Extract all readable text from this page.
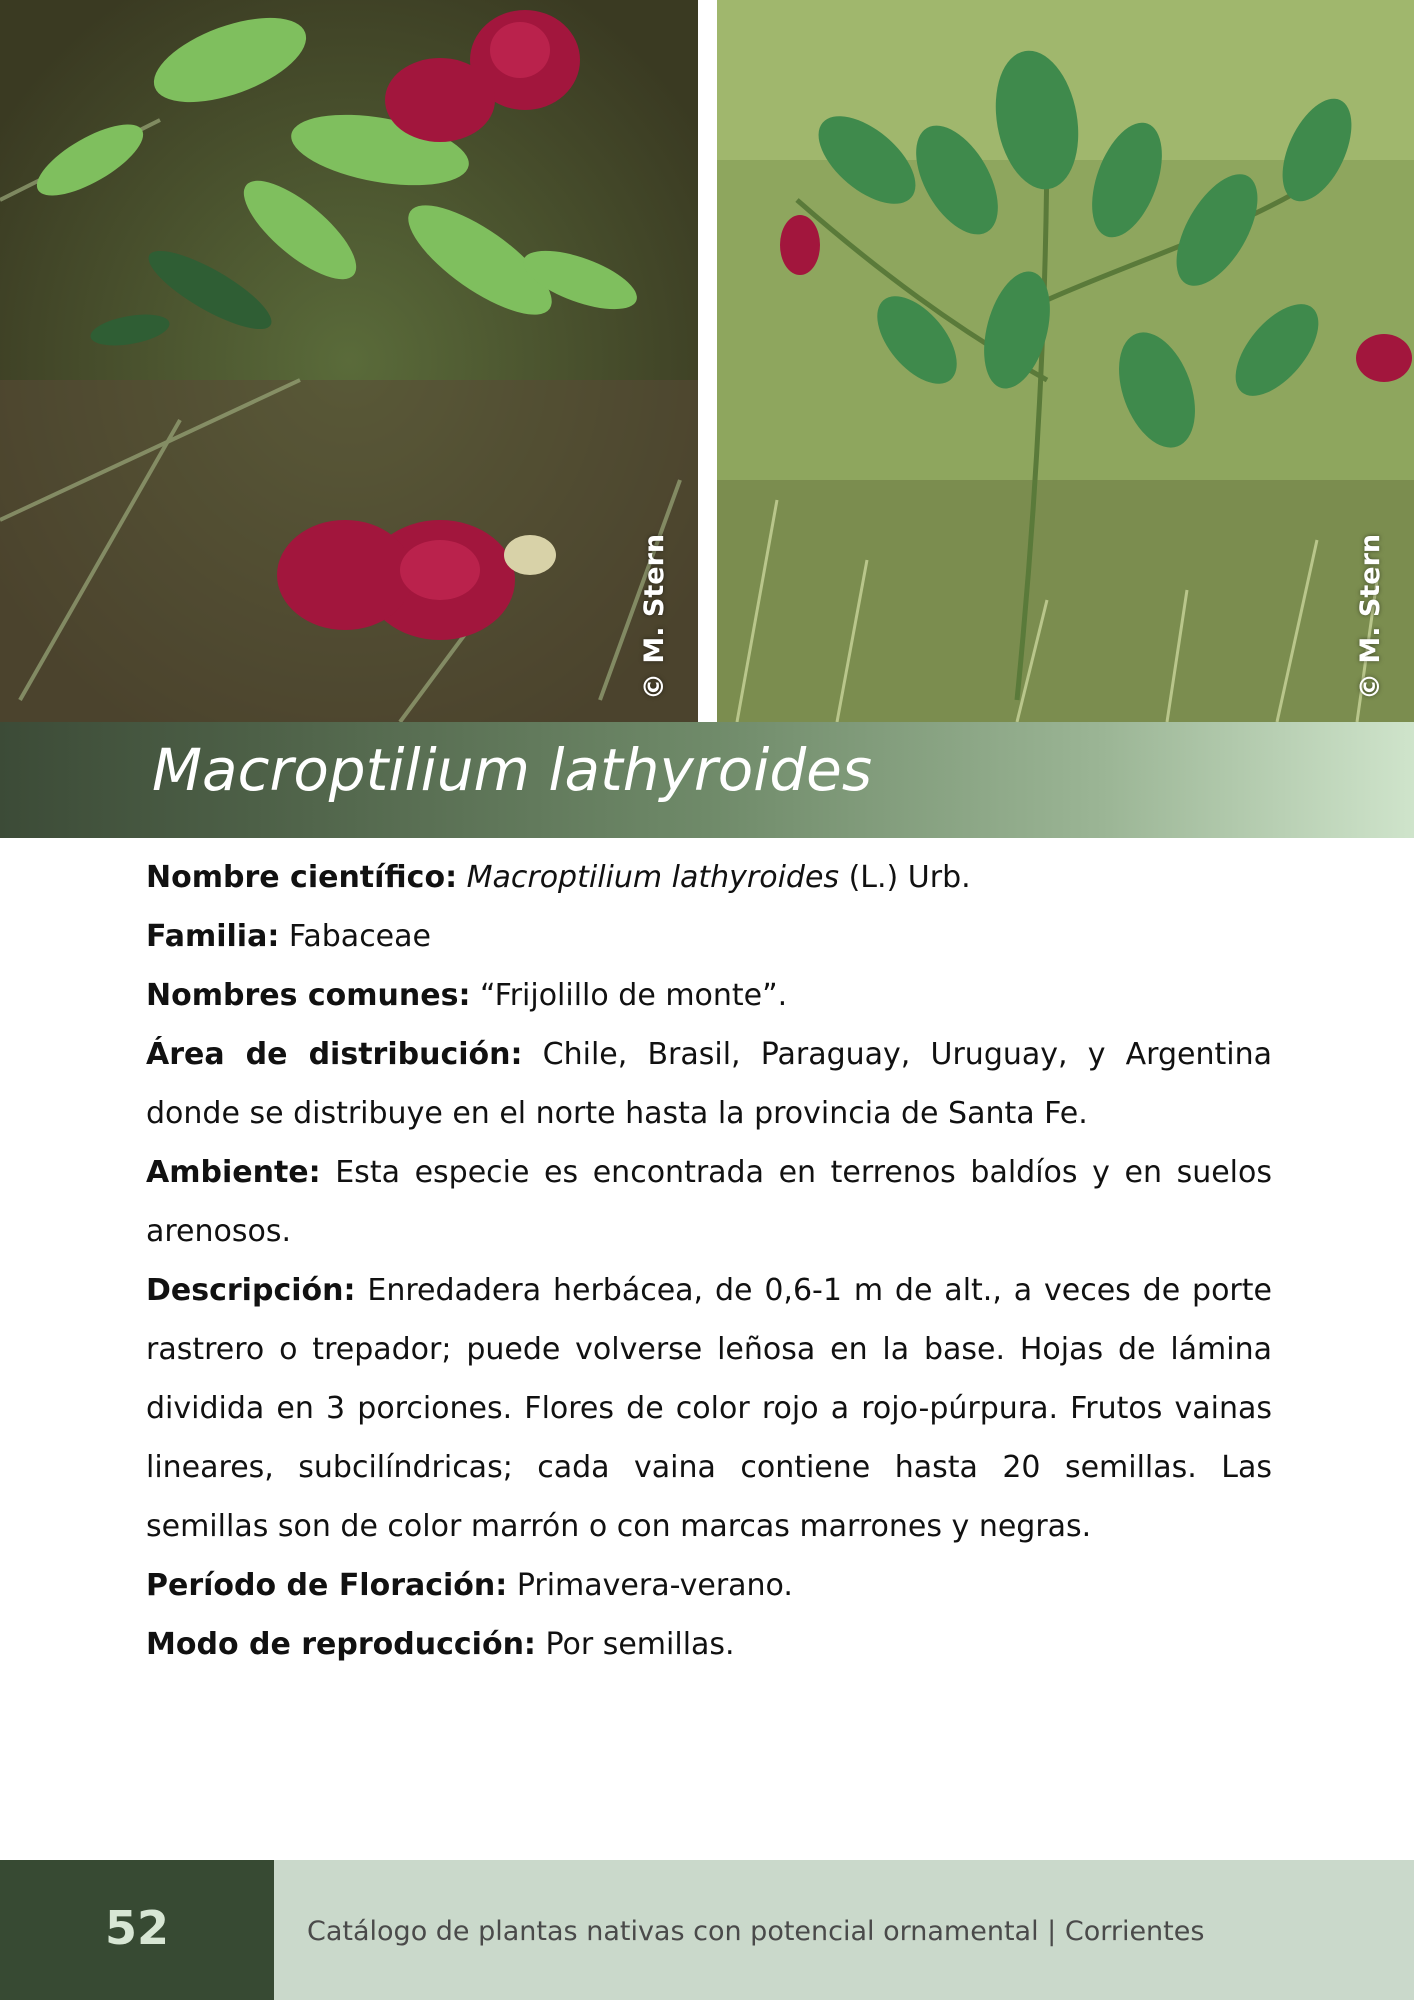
© M. Stern	© M. Stern
Macroptilium lathyroides

Nombre científico: Macroptilium lathyroides (L.) Urb.

Familia: Fabaceae

Nombres comunes: “Frijolillo de monte”.

Área de distribución: Chile, Brasil, Paraguay, Uruguay, y Argentina donde se distribuye en el norte hasta la provincia de Santa Fe.

Ambiente: Esta especie es encontrada en terrenos baldíos y en suelos arenosos.

Descripción: Enredadera herbácea, de 0,6-1 m de alt., a veces de porte rastrero o trepador; puede volverse leñosa en la base. Hojas de lámina dividida en 3 porciones. Flores de color rojo a rojo-púrpura. Frutos vainas lineares, subcilíndricas; cada vaina contiene hasta 20 semillas. Las semillas son de color marrón o con marcas marrones y negras.

Período de Floración: Primavera-verano.

Modo de reproducción: Por semillas.

52	Catálogo de plantas nativas con potencial ornamental | Corrientes
